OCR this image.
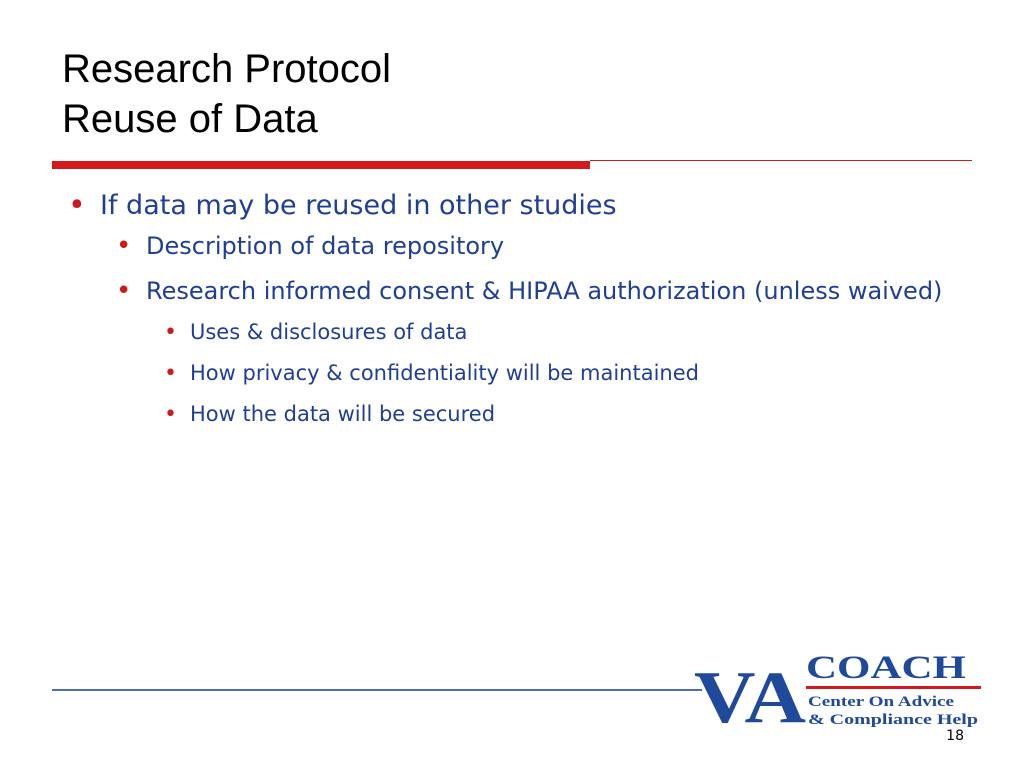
Research Protocol
Reuse of Data
• If data may be reused in other studies
• Description of data repository
• Research informed consent & HIPAA authorization (unless waived)
• Uses & disclosures of data
• How privacy & confidentiality will be maintained
• How the data will be secured
VA COACH
Center On Advice
& Compliance Help
18
